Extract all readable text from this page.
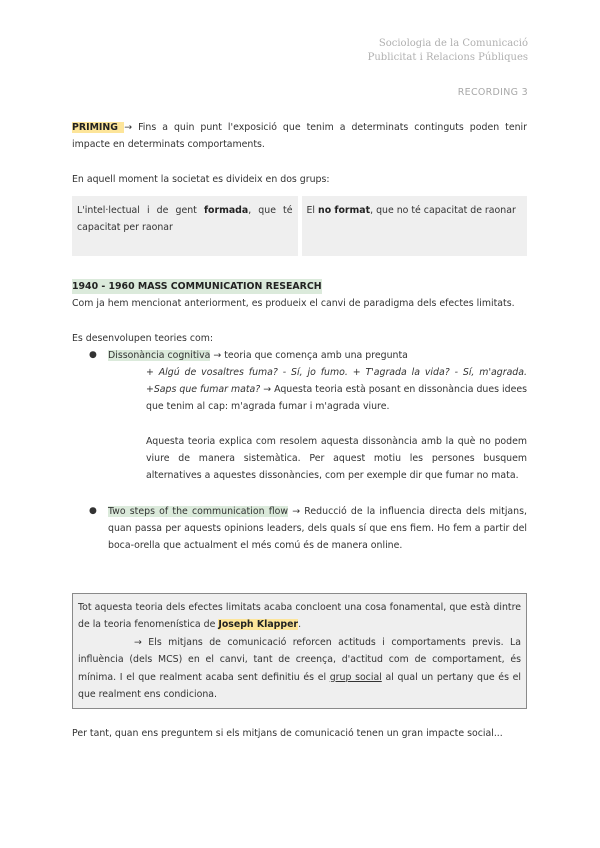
Sociologia de la Comunicació
Publicitat i Relacions Públiques
RECORDING 3
PRIMING → Fins a quin punt l'exposició que tenim a determinats continguts poden tenir impacte en determinats comportaments.
En aquell moment la societat es divideix en dos grups:
L'intel·lectual i de gent formada, que té capacitat per raonar
El no format, que no té capacitat de raonar
1940 - 1960 MASS COMMUNICATION RESEARCH
Com ja hem mencionat anteriorment, es produeix el canvi de paradigma dels efectes limitats.
Es desenvolupen teories com:
● Dissonància cognitiva → teoria que comença amb una pregunta
+ Algú de vosaltres fuma? - Sí, jo fumo. + T'agrada la vida? - Sí, m'agrada. +Saps que fumar mata? → Aquesta teoria està posant en dissonància dues idees que tenim al cap: m'agrada fumar i m'agrada viure.
Aquesta teoria explica com resolem aquesta dissonància amb la què no podem viure de manera sistemàtica. Per aquest motiu les persones busquem alternatives a aquestes dissonàncies, com per exemple dir que fumar no mata.
● Two steps of the communication flow → Reducció de la influencia directa dels mitjans, quan passa per aquests opinions leaders, dels quals sí que ens fiem. Ho fem a partir del boca-orella que actualment el més comú és de manera online.

Tot aquesta teoria dels efectes limitats acaba concloent una cosa fonamental, que està dintre de la teoria fenomenística de Joseph Klapper.

→ Els mitjans de comunicació reforcen actituds i comportaments previs. La influència (dels MCS) en el canvi, tant de creença, d'actitud com de comportament, és mínima. I el que realment acaba sent definitiu és el grup social al qual un pertany que és el que realment ens condiciona.

Per tant, quan ens preguntem si els mitjans de comunicació tenen un gran impacte social...
